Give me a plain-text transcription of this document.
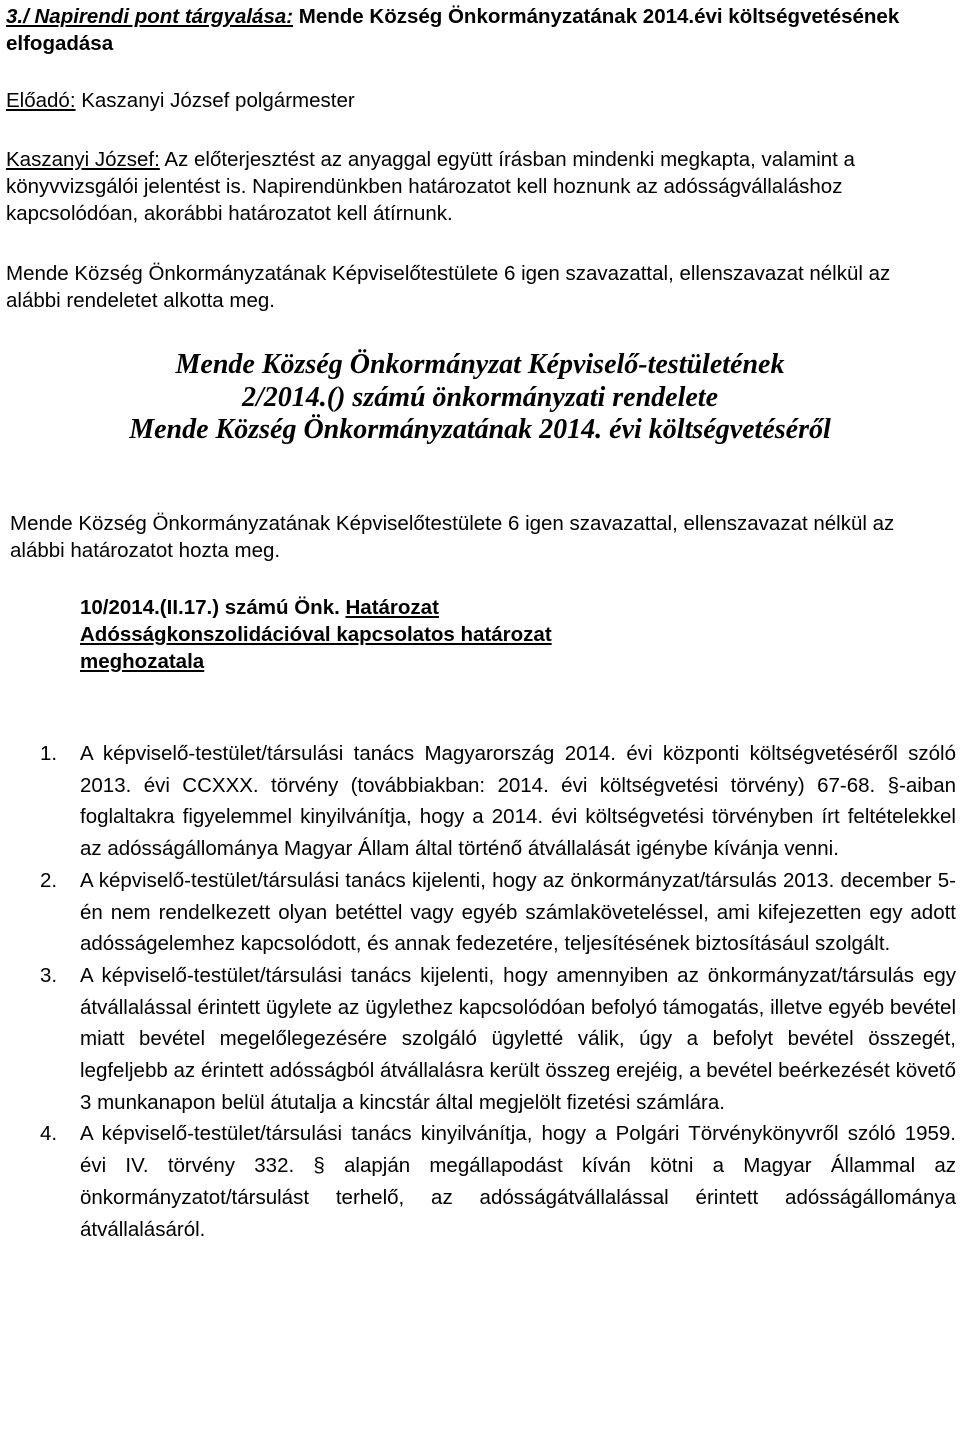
3./ Napirendi pont tárgyalása: Mende Község Önkormányzatának 2014.évi költségvetésének elfogadása

Előadó: Kaszanyi József polgármester

Kaszanyi József: Az előterjesztést az anyaggal együtt írásban mindenki megkapta, valamint a könyvvizsgálói jelentést is. Napirendünkben határozatot kell hoznunk az adósságvállaláshoz kapcsolódóan, akorábbi határozatot kell átírnunk.

Mende Község Önkormányzatának Képviselőtestülete 6 igen szavazattal, ellenszavazat nélkül az alábbi rendeletet alkotta meg.

Mende Község Önkormányzat Képviselő-testületének

2/2014.() számú önkormányzati rendelete

Mende Község Önkormányzatának 2014. évi költségvetéséről

Mende Község Önkormányzatának Képviselőtestülete 6 igen szavazattal, ellenszavazat nélkül az alábbi határozatot hozta meg.

10/2014.(II.17.) számú Önk. Határozat
Adósságkonszolidációval kapcsolatos határozat meghozatala
1. A képviselő-testület/társulási tanács Magyarország 2014. évi központi költségvetéséről szóló 2013. évi CCXXX. törvény (továbbiakban: 2014. évi költségvetési törvény) 67-68. §-aiban foglaltakra figyelemmel kinyilvánítja, hogy a 2014. évi költségvetési törvényben írt feltételekkel az adósságállománya Magyar Állam által történő átvállalását igénybe kívánja venni.
2. A képviselő-testület/társulási tanács kijelenti, hogy az önkormányzat/társulás 2013. december 5-én nem rendelkezett olyan betéttel vagy egyéb számlaköveteléssel, ami kifejezetten egy adott adósságelemhez kapcsolódott, és annak fedezetére, teljesítésének biztosításául szolgált.
3. A képviselő-testület/társulási tanács kijelenti, hogy amennyiben az önkormányzat/társulás egy átvállalással érintett ügylete az ügylethez kapcsolódóan befolyó támogatás, illetve egyéb bevétel miatt bevétel megelőlegezésére szolgáló ügyletté válik, úgy a befolyt bevétel összegét, legfeljebb az érintett adósságból átvállalásra került összeg erejéig, a bevétel beérkezését követő 3 munkanapon belül átutalja a kincstár által megjelölt fizetési számlára.
4. A képviselő-testület/társulási tanács kinyilvánítja, hogy a Polgári Törvénykönyvről szóló 1959. évi IV. törvény 332. § alapján megállapodást kíván kötni a Magyar Állammal az önkormányzatot/társulást terhelő, az adósságátvállalással érintett adósságállománya átvállalásáról.
